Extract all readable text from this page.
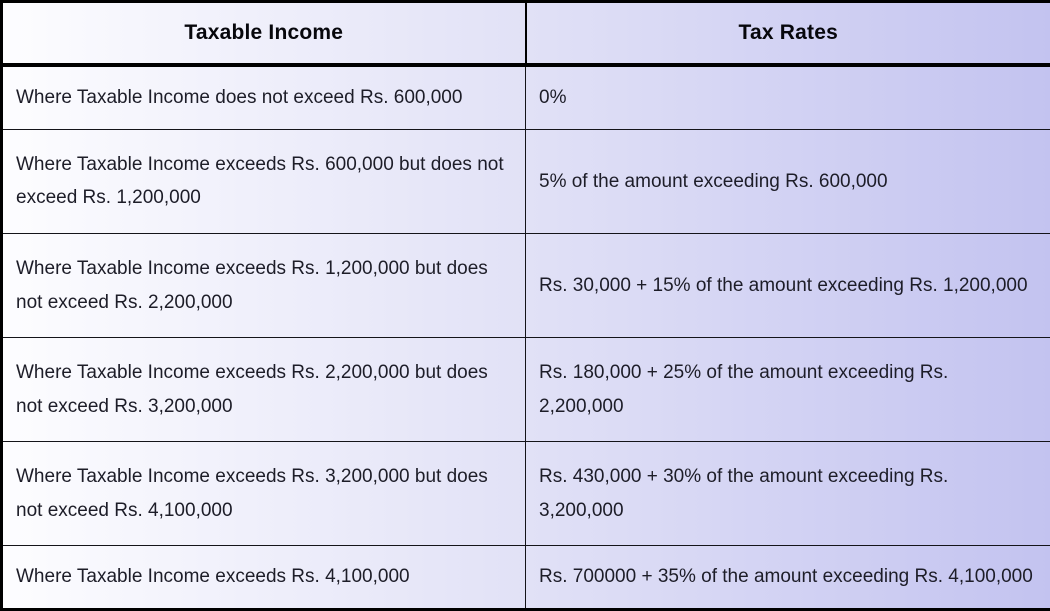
Taxable Income	Tax Rates
Where Taxable Income does not exceed Rs. 600,000	0%
Where Taxable Income exceeds Rs. 600,000 but does not exceed Rs. 1,200,000	5% of the amount exceeding Rs. 600,000
Where Taxable Income exceeds Rs. 1,200,000 but does not exceed Rs. 2,200,000	Rs. 30,000 + 15% of the amount exceeding Rs. 1,200,000
Where Taxable Income exceeds Rs. 2,200,000 but does not exceed Rs. 3,200,000	Rs. 180,000 + 25% of the amount exceeding Rs. 2,200,000
Where Taxable Income exceeds Rs. 3,200,000 but does not exceed Rs. 4,100,000	Rs. 430,000 + 30% of the amount exceeding Rs. 3,200,000
Where Taxable Income exceeds Rs. 4,100,000	Rs. 700000 + 35% of the amount exceeding Rs. 4,100,000
